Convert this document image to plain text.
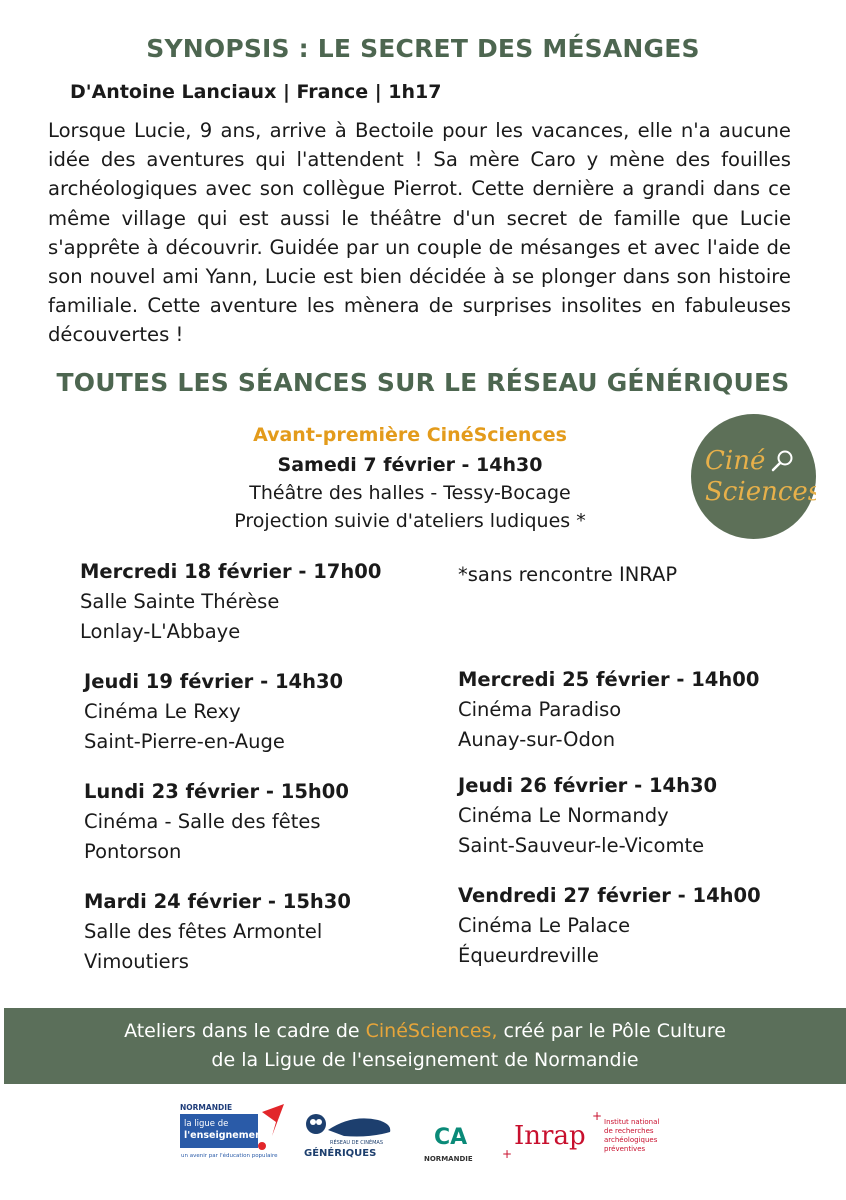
SYNOPSIS : LE SECRET DES MÉSANGES
D'Antoine Lanciaux | France | 1h17

Lorsque Lucie, 9 ans, arrive à Bectoile pour les vacances, elle n'a aucune idée des aventures qui l'attendent ! Sa mère Caro y mène des fouilles archéologiques avec son collègue Pierrot. Cette dernière a grandi dans ce même village qui est aussi le théâtre d'un secret de famille que Lucie s'apprête à découvrir. Guidée par un couple de mésanges et avec l'aide de son nouvel ami Yann, Lucie est bien décidée à se plonger dans son histoire familiale. Cette aventure les mènera de surprises insolites en fabuleuses découvertes !

TOUTES LES SÉANCES SUR LE RÉSEAU GÉNÉRIQUES
Avant-première CinéSciences
Samedi 7 février - 14h30
Théâtre des halles - Tessy-Bocage
Projection suivie d'ateliers ludiques *
Ciné
Sciences
Mercredi 18 février - 17h00
Salle Sainte Thérèse
Lonlay-L'Abbaye
Jeudi 19 février - 14h30
Cinéma Le Rexy
Saint-Pierre-en-Auge
Lundi 23 février - 15h00
Cinéma - Salle des fêtes
Pontorson
Mardi 24 février - 15h30
Salle des fêtes Armontel
Vimoutiers
*sans rencontre INRAP
Mercredi 25 février - 14h00
Cinéma Paradiso
Aunay-sur-Odon
Jeudi 26 février - 14h30
Cinéma Le Normandy
Saint-Sauveur-le-Vicomte
Vendredi 27 février - 14h00
Cinéma Le Palace
Équeurdreville
Ateliers dans le cadre de CinéSciences, créé par le Pôle Culture
de la Ligue de l'enseignement de Normandie
NORMANDIE
la ligue de
l'enseignement
un avenir par l'éducation populaire
RÉSEAU DE CINÉMAS
GÉNÉRIQUES
CA
NORMANDIE
Inrap
+
+
Institut national
de recherches
archéologiques
préventives
